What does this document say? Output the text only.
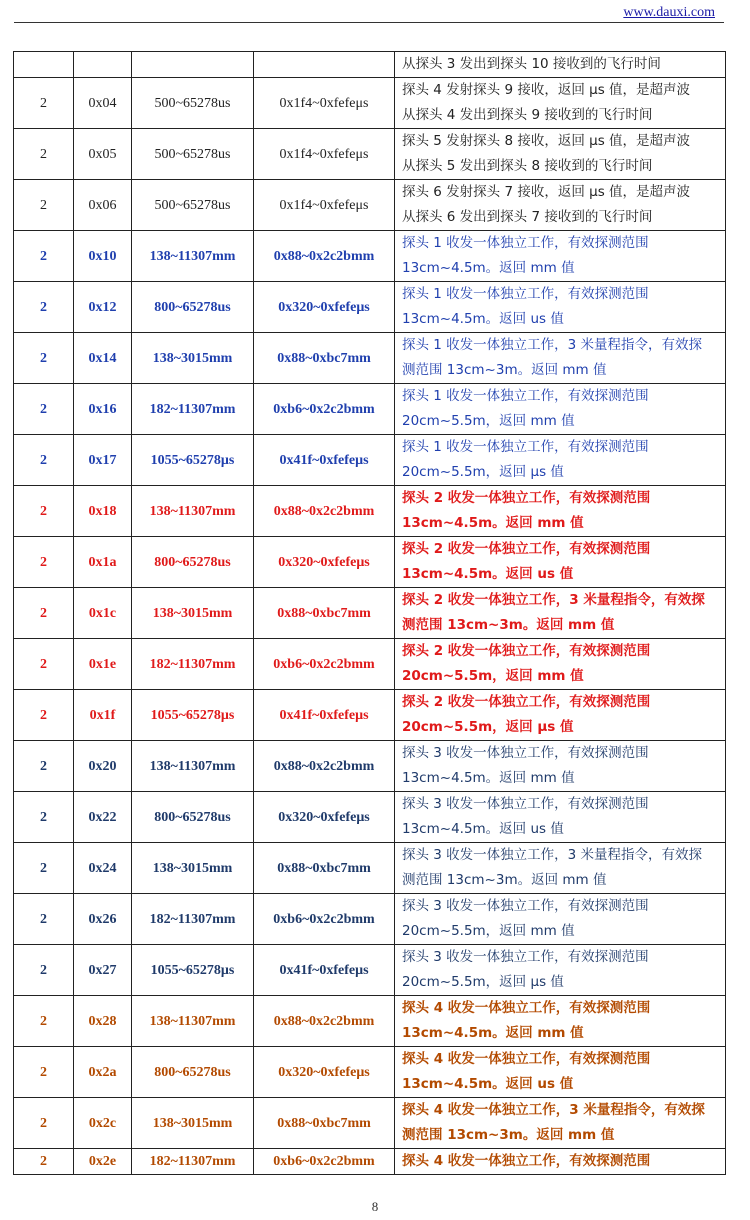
www.dauxi.com

				从探头 3 发出到探头 10 接收到的飞行时间

2	0x04	500~65278us	0x1f4~0xfefeμs	探头 4 发射探头 9 接收，返回 μs 值，是超声波
从探头 4 发出到探头 9 接收到的飞行时间

2	0x05	500~65278us	0x1f4~0xfefeμs	探头 5 发射探头 8 接收，返回 μs 值，是超声波
从探头 5 发出到探头 8 接收到的飞行时间

2	0x06	500~65278us	0x1f4~0xfefeμs	探头 6 发射探头 7 接收，返回 μs 值，是超声波
从探头 6 发出到探头 7 接收到的飞行时间

2	0x10	138~11307mm	0x88~0x2c2bmm	探头 1 收发一体独立工作，有效探测范围
13cm~4.5m。返回 mm 值

2	0x12	800~65278us	0x320~0xfefeμs	探头 1 收发一体独立工作，有效探测范围
13cm~4.5m。返回 us 值

2	0x14	138~3015mm	0x88~0xbc7mm	探头 1 收发一体独立工作，3 米量程指令，有效探
测范围 13cm~3m。返回 mm 值

2	0x16	182~11307mm	0xb6~0x2c2bmm	探头 1 收发一体独立工作，有效探测范围
20cm~5.5m，返回 mm 值

2	0x17	1055~65278μs	0x41f~0xfefeμs	探头 1 收发一体独立工作，有效探测范围
20cm~5.5m，返回 μs 值

2	0x18	138~11307mm	0x88~0x2c2bmm	探头 2 收发一体独立工作，有效探测范围
13cm~4.5m。返回 mm 值

2	0x1a	800~65278us	0x320~0xfefeμs	探头 2 收发一体独立工作，有效探测范围
13cm~4.5m。返回 us 值

2	0x1c	138~3015mm	0x88~0xbc7mm	探头 2 收发一体独立工作，3 米量程指令，有效探
测范围 13cm~3m。返回 mm 值

2	0x1e	182~11307mm	0xb6~0x2c2bmm	探头 2 收发一体独立工作，有效探测范围
20cm~5.5m，返回 mm 值

2	0x1f	1055~65278μs	0x41f~0xfefeμs	探头 2 收发一体独立工作，有效探测范围
20cm~5.5m，返回 μs 值

2	0x20	138~11307mm	0x88~0x2c2bmm	探头 3 收发一体独立工作，有效探测范围
13cm~4.5m。返回 mm 值

2	0x22	800~65278us	0x320~0xfefeμs	探头 3 收发一体独立工作，有效探测范围
13cm~4.5m。返回 us 值

2	0x24	138~3015mm	0x88~0xbc7mm	探头 3 收发一体独立工作，3 米量程指令，有效探
测范围 13cm~3m。返回 mm 值

2	0x26	182~11307mm	0xb6~0x2c2bmm	探头 3 收发一体独立工作，有效探测范围
20cm~5.5m，返回 mm 值

2	0x27	1055~65278μs	0x41f~0xfefeμs	探头 3 收发一体独立工作，有效探测范围
20cm~5.5m，返回 μs 值

2	0x28	138~11307mm	0x88~0x2c2bmm	探头 4 收发一体独立工作，有效探测范围
13cm~4.5m。返回 mm 值

2	0x2a	800~65278us	0x320~0xfefeμs	探头 4 收发一体独立工作，有效探测范围
13cm~4.5m。返回 us 值

2	0x2c	138~3015mm	0x88~0xbc7mm	探头 4 收发一体独立工作，3 米量程指令，有效探
测范围 13cm~3m。返回 mm 值

2	0x2e	182~11307mm	0xb6~0x2c2bmm	探头 4 收发一体独立工作，有效探测范围
8
